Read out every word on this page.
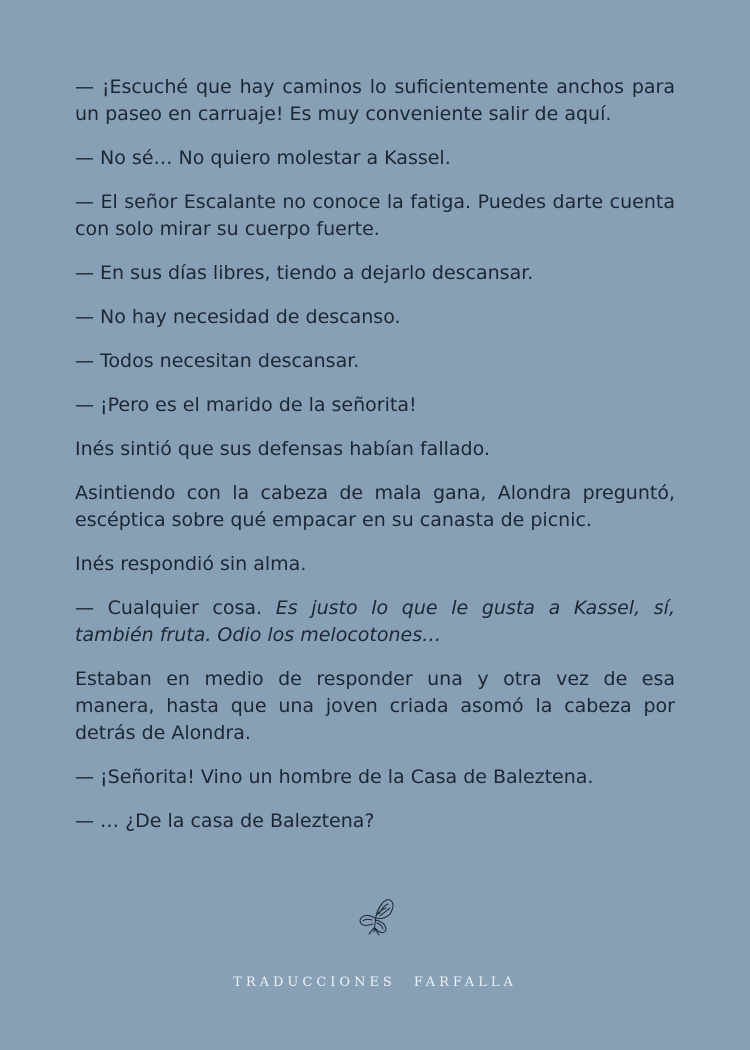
— ¡Escuché que hay caminos lo suficientemente anchos para un paseo en carruaje! Es muy conveniente salir de aquí.

— No sé… No quiero molestar a Kassel.

— El señor Escalante no conoce la fatiga. Puedes darte cuenta con solo mirar su cuerpo fuerte.

— En sus días libres, tiendo a dejarlo descansar.

— No hay necesidad de descanso.

— Todos necesitan descansar.

— ¡Pero es el marido de la señorita!

Inés sintió que sus defensas habían fallado.

Asintiendo con la cabeza de mala gana, Alondra preguntó, escéptica sobre qué empacar en su canasta de picnic.

Inés respondió sin alma.

— Cualquier cosa. Es justo lo que le gusta a Kassel, sí, también fruta. Odio los melocotones…

Estaban en medio de responder una y otra vez de esa manera, hasta que una joven criada asomó la cabeza por detrás de Alondra.

— ¡Señorita! Vino un hombre de la Casa de Baleztena.

— … ¿De la casa de Baleztena?

TRADUCCIONES FARFALLA
